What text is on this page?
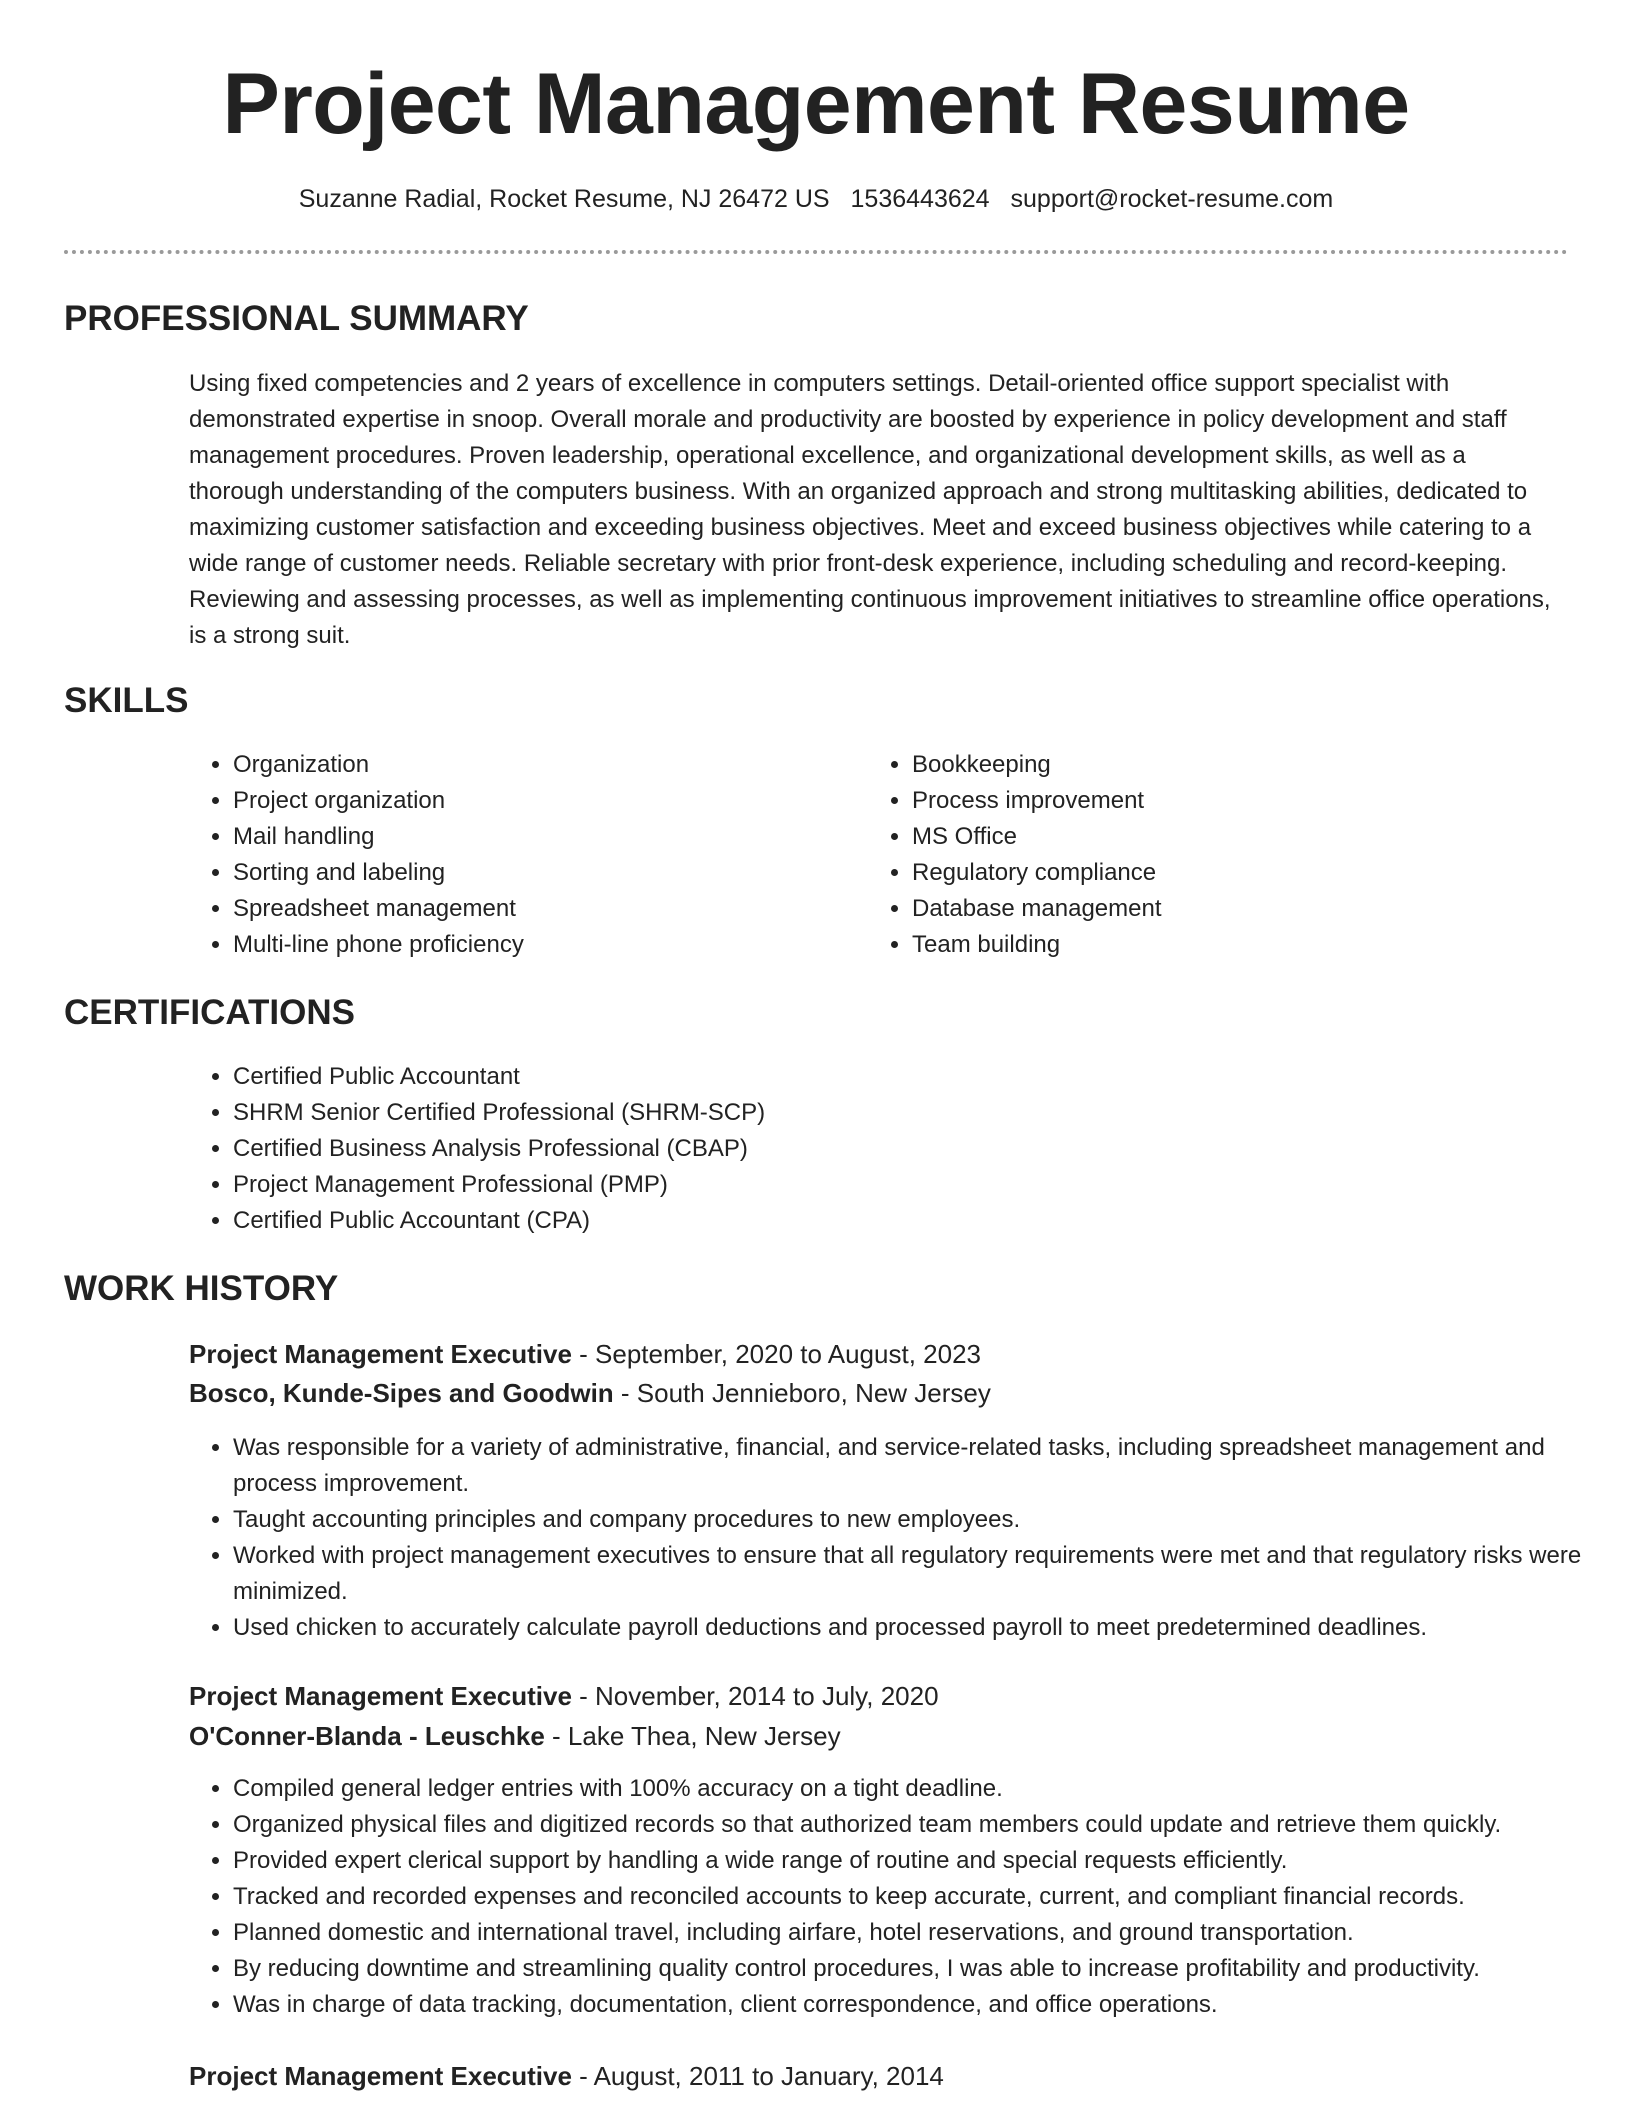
Project Management Resume
Suzanne Radial, Rocket Resume, NJ 26472 US 1536443624 support@rocket-resume.com
PROFESSIONAL SUMMARY

Using fixed competencies and 2 years of excellence in computers settings. Detail-oriented office support specialist with demonstrated expertise in snoop. Overall morale and productivity are boosted by experience in policy development and staff management procedures. Proven leadership, operational excellence, and organizational development skills, as well as a thorough understanding of the computers business. With an organized approach and strong multitasking abilities, dedicated to maximizing customer satisfaction and exceeding business objectives. Meet and exceed business objectives while catering to a wide range of customer needs. Reliable secretary with prior front-desk experience, including scheduling and record-keeping. Reviewing and assessing processes, as well as implementing continuous improvement initiatives to streamline office operations, is a strong suit.

SKILLS
• Organization
• Project organization
• Mail handling
• Sorting and labeling
• Spreadsheet management
• Multi-line phone proficiency
• Bookkeeping
• Process improvement
• MS Office
• Regulatory compliance
• Database management
• Team building
CERTIFICATIONS
• Certified Public Accountant
• SHRM Senior Certified Professional (SHRM-SCP)
• Certified Business Analysis Professional (CBAP)
• Project Management Professional (PMP)
• Certified Public Accountant (CPA)
WORK HISTORY
Project Management Executive - September, 2020 to August, 2023
Bosco, Kunde-Sipes and Goodwin - South Jennieboro, New Jersey
• Was responsible for a variety of administrative, financial, and service-related tasks, including spreadsheet management and process improvement.
• Taught accounting principles and company procedures to new employees.
• Worked with project management executives to ensure that all regulatory requirements were met and that regulatory risks were minimized.
• Used chicken to accurately calculate payroll deductions and processed payroll to meet predetermined deadlines.
Project Management Executive - November, 2014 to July, 2020
O'Conner-Blanda - Leuschke - Lake Thea, New Jersey
• Compiled general ledger entries with 100% accuracy on a tight deadline.
• Organized physical files and digitized records so that authorized team members could update and retrieve them quickly.
• Provided expert clerical support by handling a wide range of routine and special requests efficiently.
• Tracked and recorded expenses and reconciled accounts to keep accurate, current, and compliant financial records.
• Planned domestic and international travel, including airfare, hotel reservations, and ground transportation.
• By reducing downtime and streamlining quality control procedures, I was able to increase profitability and productivity.
• Was in charge of data tracking, documentation, client correspondence, and office operations.
Project Management Executive - August, 2011 to January, 2014
